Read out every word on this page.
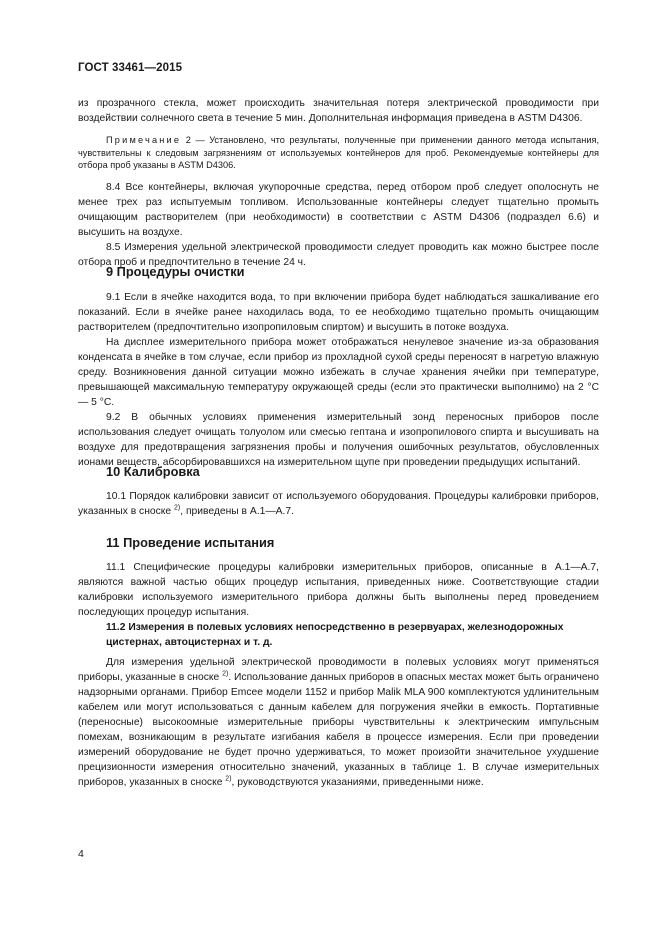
ГОСТ 33461—2015

из прозрачного стекла, может происходить значительная потеря электрической проводимости при воздействии солнечного света в течение 5 мин. Дополнительная информация приведена в ASTM D4306.

Примечание 2 — Установлено, что результаты, полученные при применении данного метода испытания, чувствительны к следовым загрязнениям от используемых контейнеров для проб. Рекомендуемые контейнеры для отбора проб указаны в ASTM D4306.

8.4 Все контейнеры, включая укупорочные средства, перед отбором проб следует ополоснуть не менее трех раз испытуемым топливом. Использованные контейнеры следует тщательно промыть очищающим растворителем (при необходимости) в соответствии с ASTM D4306 (подраздел 6.6) и высушить на воздухе.

8.5 Измерения удельной электрической проводимости следует проводить как можно быстрее после отбора проб и предпочтительно в течение 24 ч.

9 Процедуры очистки

9.1 Если в ячейке находится вода, то при включении прибора будет наблюдаться зашкаливание его показаний. Если в ячейке ранее находилась вода, то ее необходимо тщательно промыть очищающим растворителем (предпочтительно изопропиловым спиртом) и высушить в потоке воздуха.

На дисплее измерительного прибора может отображаться ненулевое значение из-за образования конденсата в ячейке в том случае, если прибор из прохладной сухой среды переносят в нагретую влажную среду. Возникновения данной ситуации можно избежать в случае хранения ячейки при температуре, превышающей максимальную температуру окружающей среды (если это практически выполнимо) на 2 °С — 5 °С.

9.2 В обычных условиях применения измерительный зонд переносных приборов после использования следует очищать толуолом или смесью гептана и изопропилового спирта и высушивать на воздухе для предотвращения загрязнения пробы и получения ошибочных результатов, обусловленных ионами веществ, абсорбировавшихся на измерительном щупе при проведении предыдущих испытаний.

10 Калибровка

10.1 Порядок калибровки зависит от используемого оборудования. Процедуры калибровки приборов, указанных в сноске $^{2)}$, приведены в А.1—А.7.

11 Проведение испытания

11.1 Специфические процедуры калибровки измерительных приборов, описанные в А.1—А.7, являются важной частью общих процедур испытания, приведенных ниже. Соответствующие стадии калибровки используемого измерительного прибора должны быть выполнены перед проведением последующих процедур испытания.

11.2 Измерения в полевых условиях непосредственно в резервуарах, железнодорожных цистернах, автоцистернах и т. д.

Для измерения удельной электрической проводимости в полевых условиях могут применяться приборы, указанные в сноске $^{2)}$. Использование данных приборов в опасных местах может быть ограничено надзорными органами. Прибор Emcee модели 1152 и прибор Malik MLA 900 комплектуются удлинительным кабелем или могут использоваться с данным кабелем для погружения ячейки в емкость. Портативные (переносные) высокоомные измерительные приборы чувствительны к электрическим импульсным помехам, возникающим в результате изгибания кабеля в процессе измерения. Если при проведении измерений оборудование не будет прочно удерживаться, то может произойти значительное ухудшение прецизионности измерения относительно значений, указанных в таблице 1. В случае измерительных приборов, указанных в сноске $^{2)}$, руководствуются указаниями, приведенными ниже.

4
